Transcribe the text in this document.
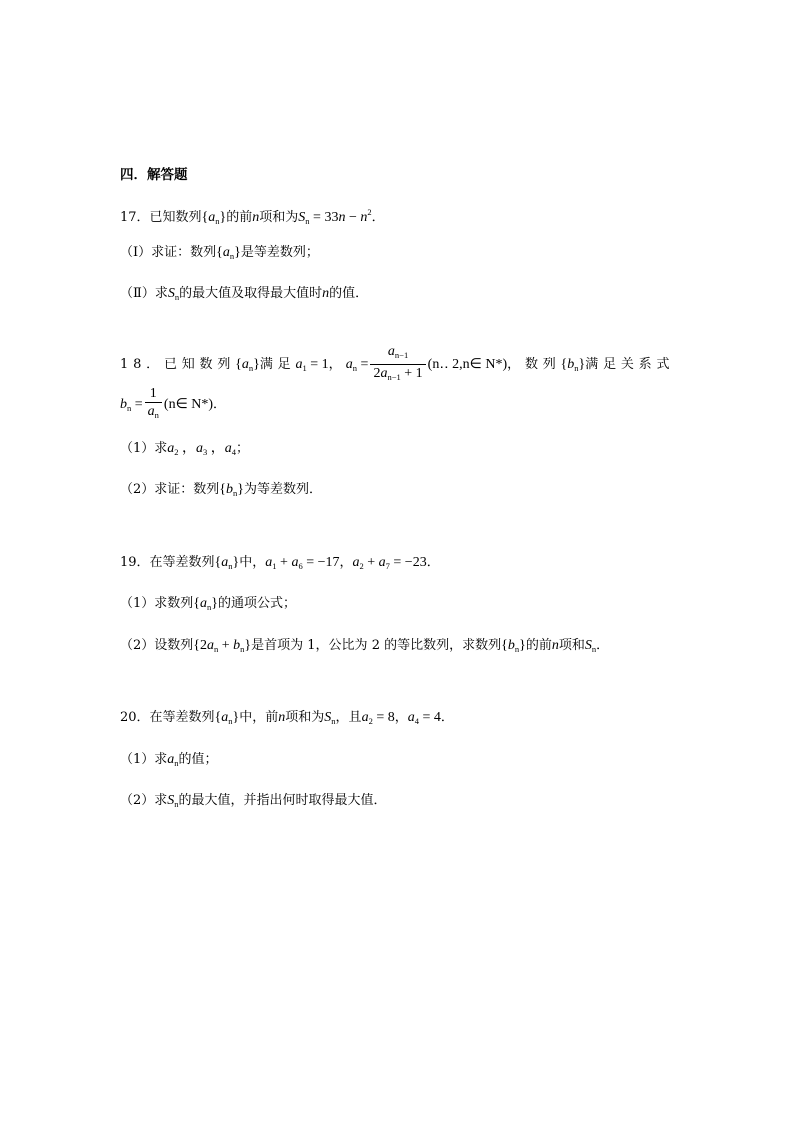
四．解答题
17．已知数列$\{a_n\}$的前n项和为$S_n = 33n - n^2$．
（Ⅰ）求证：数列$\{a_n\}$是等差数列；
（Ⅱ）求$S_n$的最大值及取得最大值时n的值．
18．已知数列$\{a_n\}$满足$a_1 = 1$， $a_n = \frac{a_{n-1}}{2a_{n-1} + 1}$ (n‥ 2,n∈ N*)，数列$\{b_n\}$满足关系式
$b_n = \frac{1}{a_n}$ (n∈ N*)．
（1）求$a_2$ ，$a_3$ ，$a_4$；
（2）求证：数列$\{b_n\}$为等差数列．
19．在等差数列$\{a_n\}$中，$a_1 + a_6 = -17$，$a_2 + a_7 = -23$．
（1）求数列$\{a_n\}$的通项公式；
（2）设数列$\{2a_n + b_n\}$是首项为 1，公比为 2 的等比数列，求数列$\{b_n\}$的前n项和$S_n$．
20．在等差数列$\{a_n\}$中，前n项和为$S_n$，且$a_2 = 8$，$a_4 = 4$．
（1）求$a_n$的值；
（2）求$S_n$的最大值，并指出何时取得最大值．
